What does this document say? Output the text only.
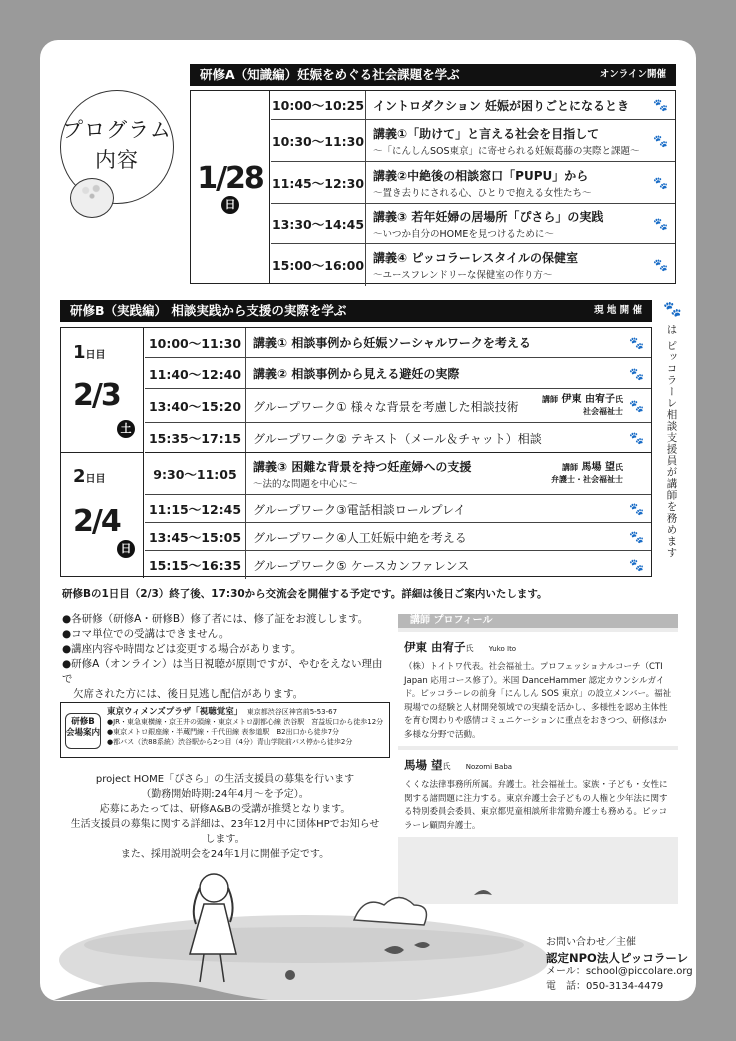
プログラム
内容
研修A（知識編）妊娠をめぐる社会課題を学ぶ	オンライン開催
1/28
日
10:00〜10:25 イントロダクション 妊娠が困りごとになるとき	🐾
10:30〜11:30 講義①「助けて」と言える社会を目指して
〜「にんしんSOS東京」に寄せられる妊娠葛藤の実際と課題〜
🐾
11:45〜12:30 講義②中絶後の相談窓口「PUPU」から
〜置き去りにされる心、ひとりで抱える女性たち〜
🐾
13:30〜14:45 講義③ 若年妊婦の居場所「ぴさら」の実践
〜いつか自分のHOMEを見つけるために〜
🐾
15:00〜16:00 講義④ ピッコラーレスタイルの保健室
〜ユースフレンドリーな保健室の作り方〜
🐾
研修B（実践編） 相談実践から支援の実際を学ぶ	現 地 開 催
1日目
2/3
土
2日目
2/4
日
10:00〜11:30 講義① 相談事例から妊娠ソーシャルワークを考える	🐾
11:40〜12:40 講義② 相談事例から見える避妊の実際	🐾
13:40〜15:20 グループワーク① 様々な背景を考慮した相談技術	講師 伊東 由宥子氏
社会福祉士 🐾
15:35〜17:15 グループワーク② テキスト（メール＆チャット）相談	🐾
9:30〜11:05	講義③ 困難な背景を持つ妊産婦への支援
〜法的な問題を中心に〜
講師 馬場 望氏
弁護士・社会福祉士
11:15〜12:45 グループワーク③電話相談ロールプレイ	🐾
13:45〜15:05 グループワーク④人工妊娠中絶を考える	🐾
15:15〜16:35 グループワーク⑤ ケースカンファレンス	🐾
🐾
は ピッコラーレ相談支援員が講師を務めます
研修Bの1日目（2/3）終了後、17:30から交流会を開催する予定です。詳細は後日ご案内いたします。
●各研修（研修A・研修B）修了者には、修了証をお渡しします。
●コマ単位での受講はできません。
●講座内容や時間などは変更する場合があります。
●研修A（オンライン）は当日視聴が原則ですが、やむをえない理由で
欠席された方には、後日見逃し配信があります。
研修B
会場案内
東京ウィメンズプラザ「視聴覚室」 東京都渋谷区神宮前5-53-67
●JR・東急東横線・京王井の頭線・東京メトロ副都心線 渋谷駅　宮益坂口から徒歩12分
●東京メトロ銀座線・半蔵門線・千代田線 表参道駅　B2出口から徒歩7分
●都バス（渋88系統）渋谷駅から2つ目（4分）青山学院前バス停から徒歩2分
project HOME「ぴさら」の生活支援員の募集を行います
（勤務開始時期:24年4月〜を予定）。
応募にあたっては、研修A&Bの受講が推奨となります。
生活支援員の募集に関する詳細は、23年12月中に団体HPでお知らせします。
また、採用説明会を24年1月に開催予定です。
講師 プロフィール
伊東 由宥子氏 Yuko Ito
（株）トイトワ代表。社会福祉士。プロフェッショナルコーチ（CTI Japan 応用コース修了）。米国 DanceHammer 認定カウンシルガイド。ピッコラーレの前身「にんしん SOS 東京」の設立メンバー。福祉現場での経験と人材開発領域での実績を活かし、多様性を認め主体性を育む関わりや感情コミュニケーションに重点をおきつつ、研修ほか多様な分野で活動。
馬場 望氏 Nozomi Baba
くくな法律事務所所属。弁護士。社会福祉士。家族・子ども・女性に関する諸問題に注力する。東京弁護士会子どもの人権と少年法に関する特別委員会委員、東京都児童相談所非常勤弁護士も務める。ピッコラーレ顧問弁護士。
お問い合わせ／主催
認定NPO法人ピッコラーレ
メール：school@piccolare.org
電　話：050-3134-4479
